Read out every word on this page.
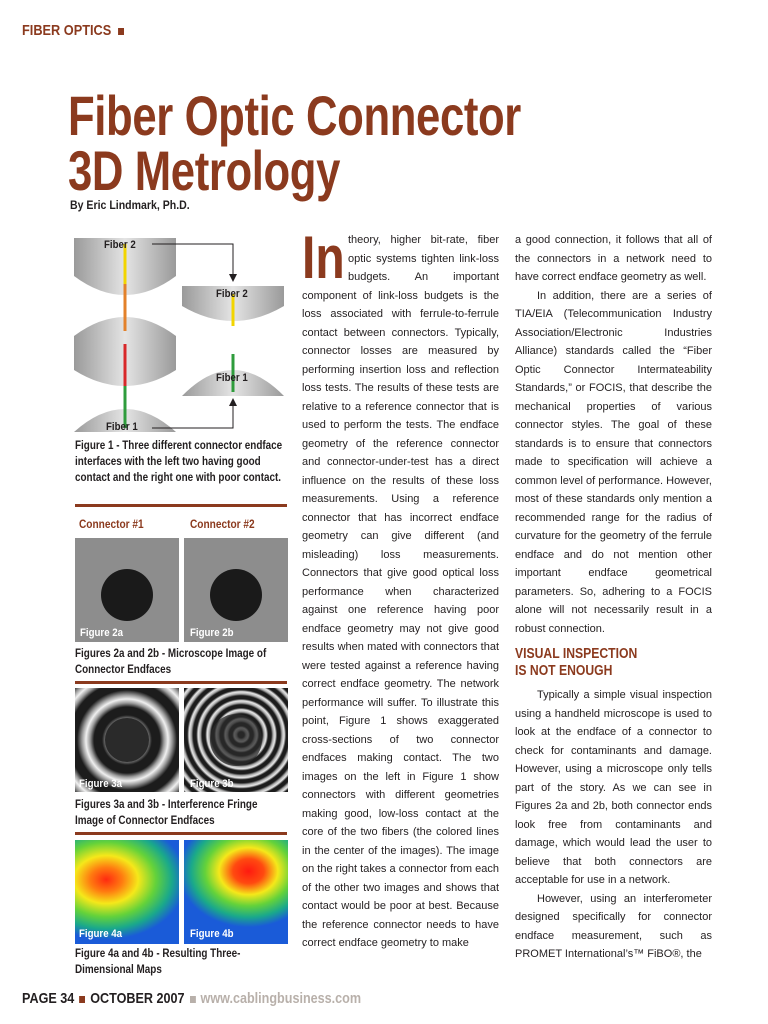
FIBER OPTICS
Fiber Optic Connector
3D Metrology
By Eric Lindmark, Ph.D.
Fiber 2
Fiber 1
Fiber 2
Fiber 1
Figure 1 - Three different connector endface interfaces with the left two having good contact and the right one with poor contact.
Connector #1	Connector #2
Figure 2a	Figure 2b
Figures 2a and 2b - Microscope Image of Connector Endfaces
Figure 3a	Figure 3b
Figures 3a and 3b - Interference Fringe Image of Connector Endfaces
Figure 4a	Figure 4b
Figure 4a and 4b - Resulting Three-Dimensional Maps

In theory, higher bit-rate, fiber optic systems tighten link-loss budgets. An important component of link-loss budgets is the loss associated with ferrule-to-ferrule contact between connectors. Typically, connector losses are measured by performing insertion loss and reflection loss tests. The results of these tests are relative to a reference connector that is used to perform the tests. The endface geometry of the reference connector and connector-under-test has a direct influence on the results of these loss measurements. Using a reference connector that has incorrect endface geometry can give different (and misleading) loss measurements. Connectors that give good optical loss performance when characterized against one reference having poor endface geometry may not give good results when mated with connectors that were tested against a reference having correct endface geometry. The network performance will suffer. To illustrate this point, Figure 1 shows exaggerated cross-sections of two connector endfaces making contact. The two images on the left in Figure 1 show connectors with different geometries making good, low-loss contact at the core of the two fibers (the colored lines in the center of the images). The image on the right takes a connector from each of the other two images and shows that contact would be poor at best. Because the reference connector needs to have correct endface geometry to make

a good connection, it follows that all of the connectors in a network need to have correct endface geometry as well.

In addition, there are a series of TIA/EIA (Telecommunication Industry Association/Electronic Industries Alliance) standards called the “Fiber Optic Connector Intermateability Standards,” or FOCIS, that describe the mechanical properties of various connector styles. The goal of these standards is to ensure that connectors made to specification will achieve a common level of performance. However, most of these standards only mention a recommended range for the radius of curvature for the geometry of the ferrule endface and do not mention other important endface geometrical parameters. So, adhering to a FOCIS alone will not necessarily result in a robust connection.

VISUAL INSPECTION
IS NOT ENOUGH

Typically a simple visual inspection using a handheld microscope is used to look at the endface of a connector to check for contaminants and damage. However, using a microscope only tells part of the story. As we can see in Figures 2a and 2b, both connector ends look free from contaminants and damage, which would lead the user to believe that both connectors are acceptable for use in a network.

However, using an interferometer designed specifically for connector endface measurement, such as PROMET International’s™ FiBO®, the

PAGE 34 OCTOBER 2007 www.cablingbusiness.com
